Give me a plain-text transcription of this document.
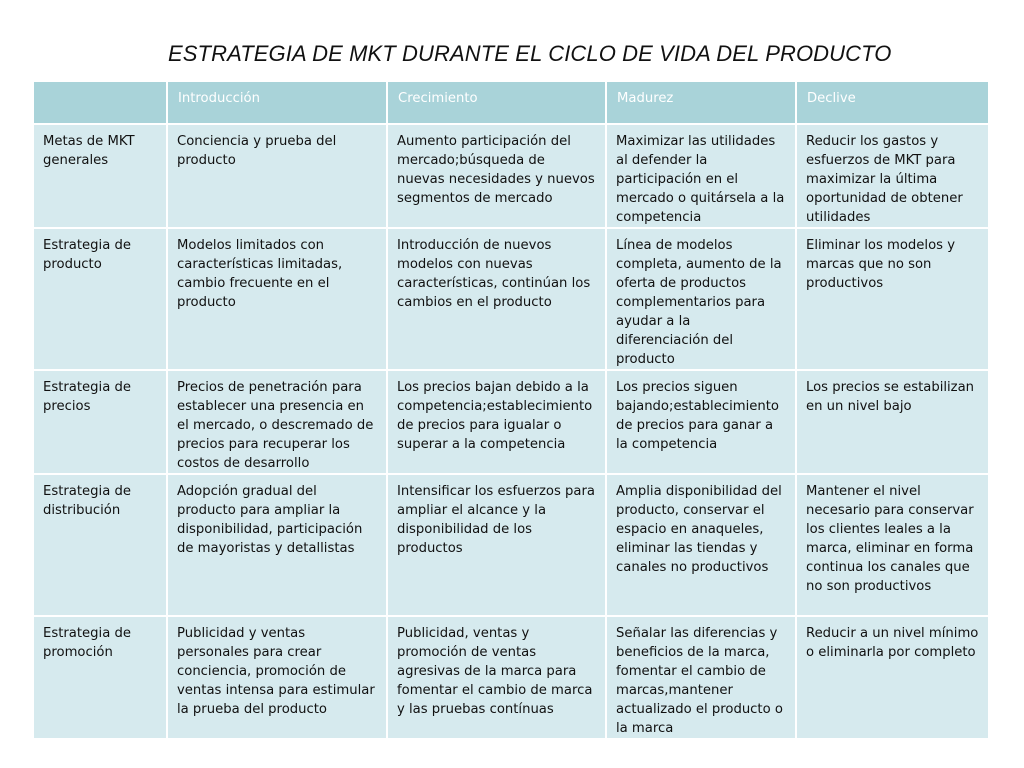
ESTRATEGIA DE MKT DURANTE EL CICLO DE VIDA DEL PRODUCTO
	Introducción	Crecimiento	Madurez	Declive
Metas de MKT generales	Conciencia y prueba del producto	Aumento participación del mercado;búsqueda de nuevas necesidades y nuevos segmentos de mercado	Maximizar las utilidades al defender la participación en el mercado o quitársela a la competencia	Reducir los gastos y esfuerzos de MKT para maximizar la última oportunidad de obtener utilidades
Estrategia de producto	Modelos limitados con características limitadas, cambio frecuente en el producto	Introducción de nuevos modelos con nuevas características, continúan los cambios en el producto	Línea de modelos completa, aumento de la oferta de productos complementarios para ayudar a la diferenciación del producto	Eliminar los modelos y marcas que no son productivos
Estrategia de precios	Precios de penetración para establecer una presencia en el mercado, o descremado de precios para recuperar los costos de desarrollo	Los precios bajan debido a la competencia;establecimiento de precios para igualar o superar a la competencia	Los precios siguen bajando;establecimiento de precios para ganar a la competencia	Los precios se estabilizan en un nivel bajo
Estrategia de distribución	Adopción gradual del producto para ampliar la disponibilidad, participación de mayoristas y detallistas	Intensificar los esfuerzos para ampliar el alcance y la disponibilidad de los productos	Amplia disponibilidad del producto, conservar el espacio en anaqueles, eliminar las tiendas y canales no productivos	Mantener el nivel necesario para conservar los clientes leales a la marca, eliminar en forma continua los canales que no son productivos
Estrategia de promoción	Publicidad y ventas personales para crear conciencia, promoción de ventas intensa para estimular la prueba del producto	Publicidad, ventas y promoción de ventas agresivas de la marca para fomentar el cambio de marca y las pruebas contínuas	Señalar las diferencias y beneficios de la marca, fomentar el cambio de marcas,mantener actualizado el producto o la marca	Reducir a un nivel mínimo o eliminarla por completo
